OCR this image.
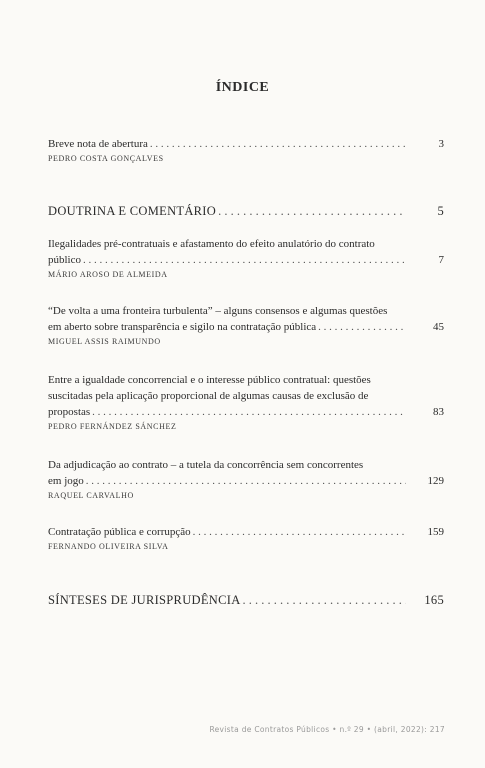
ÍNDICE
Breve nota de abertura . . .	3
PEDRO COSTA GONÇALVES
DOUTRINA E COMENTÁRIO . . .	5
Ilegalidades pré-contratuais e afastamento do efeito anulatório do contrato
público . . .	7
MÁRIO AROSO DE ALMEIDA
“De volta a uma fronteira turbulenta” – alguns consensos e algumas questões
em aberto sobre transparência e sigilo na contratação pública . . .	45
MIGUEL ASSIS RAIMUNDO
Entre a igualdade concorrencial e o interesse público contratual: questões
suscitadas pela aplicação proporcional de algumas causas de exclusão de
propostas . . .	83
PEDRO FERNÁNDEZ SÁNCHEZ
Da adjudicação ao contrato – a tutela da concorrência sem concorrentes
em jogo . . .	129
RAQUEL CARVALHO
Contratação pública e corrupção . . .	159
FERNANDO OLIVEIRA SILVA
SÍNTESES DE JURISPRUDÊNCIA . . .	165
Revista de Contratos Públicos • n.º 29 • (abril, 2022): 217
